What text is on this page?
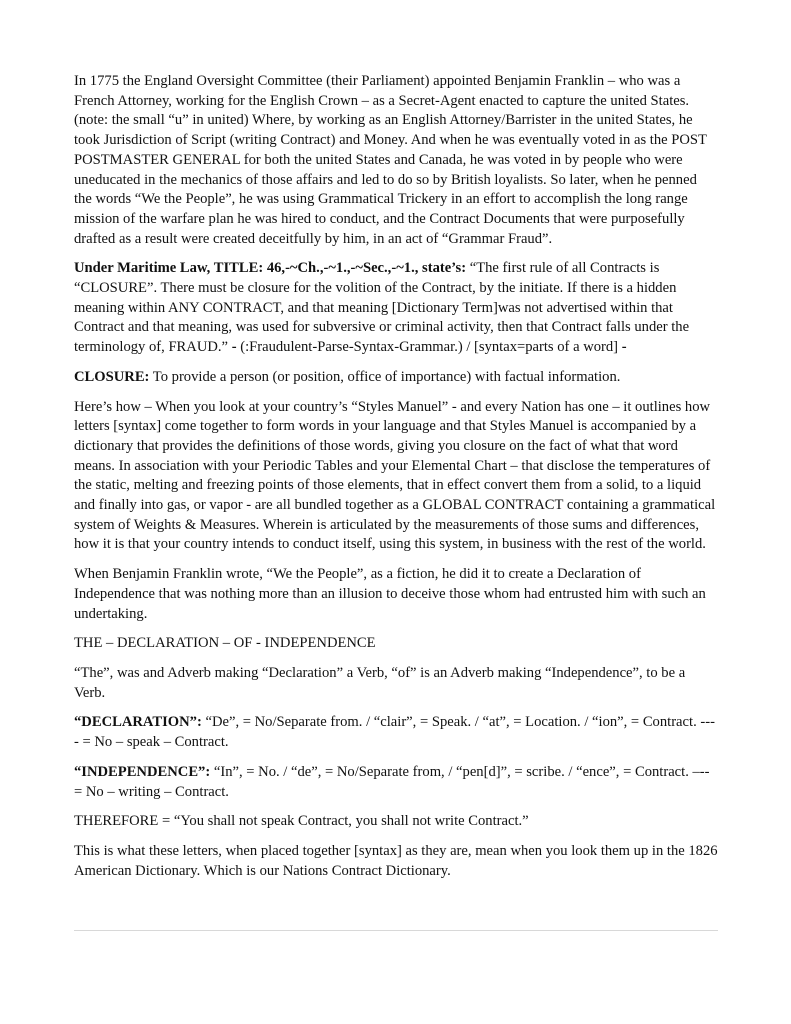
In 1775 the England Oversight Committee (their Parliament) appointed Benjamin Franklin – who was a French Attorney, working for the English Crown – as a Secret-Agent enacted to capture the united States. (note: the small “u” in united) Where, by working as an English Attorney/Barrister in the united States, he took Jurisdiction of Script (writing Contract) and Money. And when he was eventually voted in as the POST POSTMASTER GENERAL for both the united States and Canada, he was voted in by people who were uneducated in the mechanics of those affairs and led to do so by British loyalists. So later, when he penned the words “We the People”, he was using Grammatical Trickery in an effort to accomplish the long range mission of the warfare plan he was hired to conduct, and the Contract Documents that were purposefully drafted as a result were created deceitfully by him, in an act of “Grammar Fraud”.

Under Maritime Law, TITLE: 46,-~Ch.,-~1.,-~Sec.,-~1., state’s: “The first rule of all Contracts is “CLOSURE”. There must be closure for the volition of the Contract, by the initiate. If there is a hidden meaning within ANY CONTRACT, and that meaning [Dictionary Term]was not advertised within that Contract and that meaning, was used for subversive or criminal activity, then that Contract falls under the terminology of, FRAUD.” - (:Fraudulent-Parse-Syntax-Grammar.) / [syntax=parts of a word] -

CLOSURE: To provide a person (or position, office of importance) with factual information.

Here’s how – When you look at your country’s “Styles Manuel” - and every Nation has one – it outlines how letters [syntax] come together to form words in your language and that Styles Manuel is accompanied by a dictionary that provides the definitions of those words, giving you closure on the fact of what that word means. In association with your Periodic Tables and your Elemental Chart – that disclose the temperatures of the static, melting and freezing points of those elements, that in effect convert them from a solid, to a liquid and finally into gas, or vapor - are all bundled together as a GLOBAL CONTRACT containing a grammatical system of Weights & Measures. Wherein is articulated by the measurements of those sums and differences, how it is that your country intends to conduct itself, using this system, in business with the rest of the world.

When Benjamin Franklin wrote, “We the People”, as a fiction, he did it to create a Declaration of Independence that was nothing more than an illusion to deceive those whom had entrusted him with such an undertaking.

THE – DECLARATION – OF - INDEPENDENCE

“The”, was and Adverb making “Declaration” a Verb, “of” is an Adverb making “Independence”, to be a Verb.

“DECLARATION”: “De”, = No/Separate from. / “clair”, = Speak. / “at”, = Location. / “ion”, = Contract. ---- = No – speak – Contract.

“INDEPENDENCE”: “In”, = No. / “de”, = No/Separate from, / “pen[d]”, = scribe. / “ence”, = Contract. –-- = No – writing – Contract.

THEREFORE = “You shall not speak Contract, you shall not write Contract.”

This is what these letters, when placed together [syntax] as they are, mean when you look them up in the 1826 American Dictionary. Which is our Nations Contract Dictionary.
